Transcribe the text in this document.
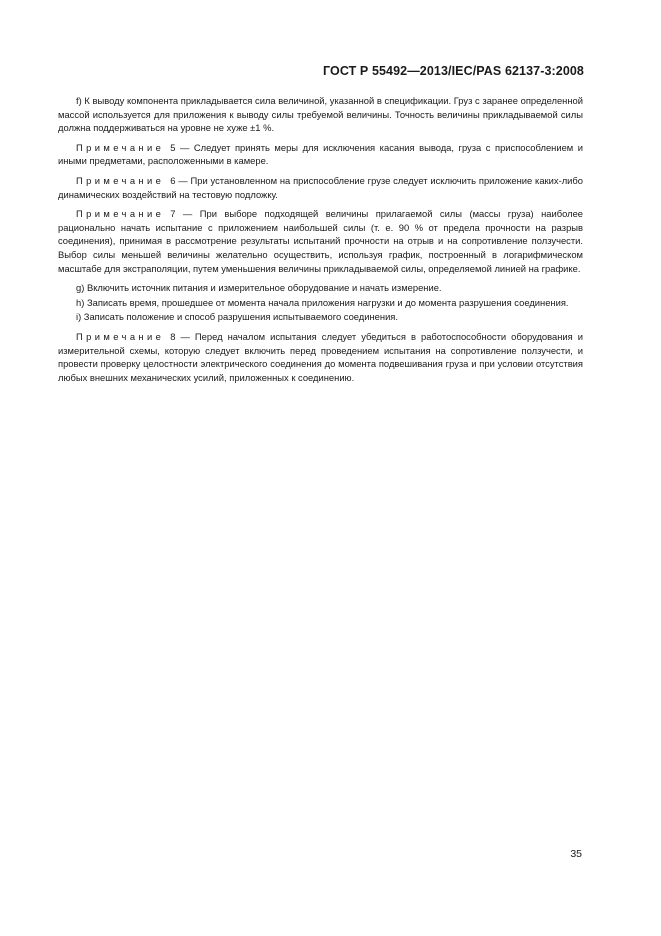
ГОСТ Р 55492—2013/IEC/PAS 62137-3:2008

f) К выводу компонента прикладывается сила величиной, указанной в спецификации. Груз с заранее определенной массой используется для приложения к выводу силы требуемой величины. Точность величины прикладываемой силы должна поддерживаться на уровне не хуже ±1 %.

Примечание 5 — Следует принять меры для исключения касания вывода, груза с приспособлением и иными предметами, расположенными в камере.

Примечание 6 — При установленном на приспособление грузе следует исключить приложение каких-либо динамических воздействий на тестовую подложку.

Примечание 7 — При выборе подходящей величины прилагаемой силы (массы груза) наиболее рационально начать испытание с приложением наибольшей силы (т. е. 90 % от предела прочности на разрыв соединения), принимая в рассмотрение результаты испытаний прочности на отрыв и на сопротивление ползучести. Выбор силы меньшей величины желательно осуществить, используя график, построенный в логарифмическом масштабе для экстраполяции, путем уменьшения величины прикладываемой силы, определяемой линией на графике.

g) Включить источник питания и измерительное оборудование и начать измерение.

h) Записать время, прошедшее от момента начала приложения нагрузки и до момента разрушения соединения.

i) Записать положение и способ разрушения испытываемого соединения.

Примечание 8 — Перед началом испытания следует убедиться в работоспособности оборудования и измерительной схемы, которую следует включить перед проведением испытания на сопротивление ползучести, и провести проверку целостности электрического соединения до момента подвешивания груза и при условии отсутствия любых внешних механических усилий, приложенных к соединению.

35
